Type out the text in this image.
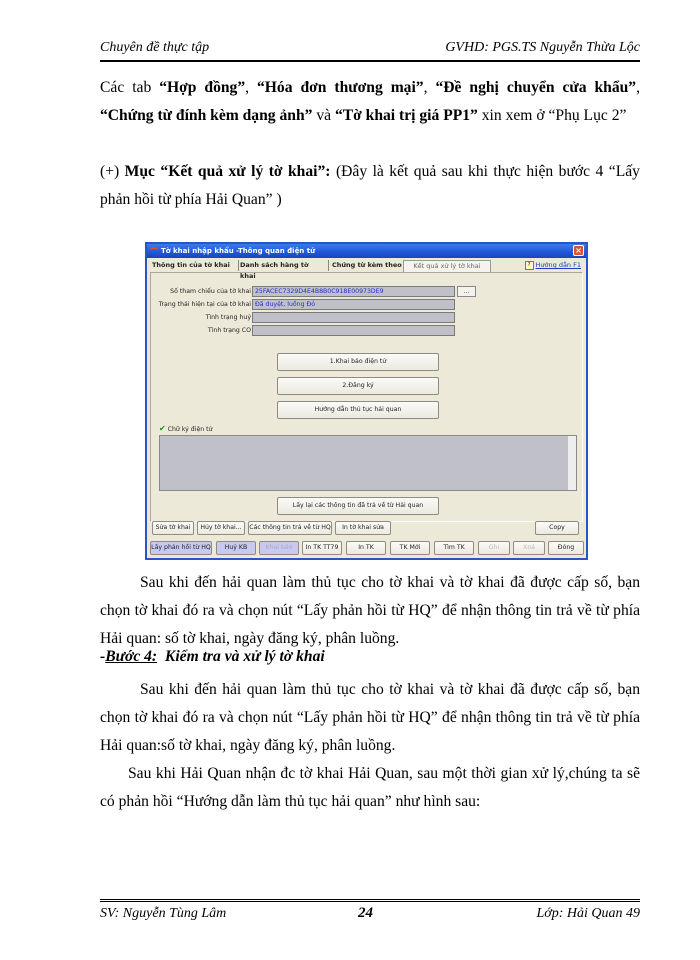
Chuyên đề thực tập	GVHD: PGS.TS Nguyễn Thừa Lộc
Các tab “Hợp đồng”, “Hóa đơn thương mại”, “Đề nghị chuyển cửa khẩu”, “Chứng từ đính kèm dạng ảnh” và “Tờ khai trị giá PP1” xin xem ở “Phụ Lục 2”
(+) Mục “Kết quả xử lý tờ khai”: (Đây là kết quả sau khi thực hiện bước 4 “Lấy phản hồi từ phía Hải Quan” )
Tờ khai nhập khẩu -Thông quan điện tử	×
Thông tin của tờ khai	Danh sách hàng tờ khai
Chứng từ kèm theo	Kết quả xử lý tờ khai	? Hướng dẫn F1
Số tham chiếu của tờ khai 25FACEC7329D4E4B8B0C918E00973DE9	...
Trạng thái hiện tại của tờ khai Đã duyệt, luồng Đỏ
Tình trạng huỷ
Tình trạng CO
1.Khai báo điện tử
2.Đăng ký
Hướng dẫn thủ tục hải quan
✔ Chữ ký điện tử
Lấy lại các thông tin đã trả về từ Hải quan
Sửa tờ khai	Hủy tờ khai...	Các thông tin trả về từ HQ	In tờ khai sửa	Copy
Lấy phản hồi từ HQ	Huỷ KB	Khai báo	In TK TT79	In TK	TK Mới	Tìm TK	Ghi	Xoá	Đóng
Sau khi đến hải quan làm thủ tục cho tờ khai và tờ khai đã được cấp số, bạn chọn tờ khai đó ra và chọn nút “Lấy phản hồi từ HQ” để nhận thông tin trả về từ phía Hải quan: số tờ khai, ngày đăng ký, phân luồng.
-Bước 4:  Kiểm tra và xử lý tờ khai
Sau khi đến hải quan làm thủ tục cho tờ khai và tờ khai đã được cấp số, bạn chọn tờ khai đó ra và chọn nút “Lấy phản hồi từ HQ” để nhận thông tin trả về từ phía Hải quan:số tờ khai, ngày đăng ký, phân luồng.
Sau khi Hải Quan nhận đc tờ khai Hải Quan, sau một thời gian xử lý,chúng ta sẽ có phản hồi “Hướng dẫn làm thủ tục hải quan” như hình sau:
SV: Nguyễn Tùng Lâm	24	Lớp: Hải Quan 49
